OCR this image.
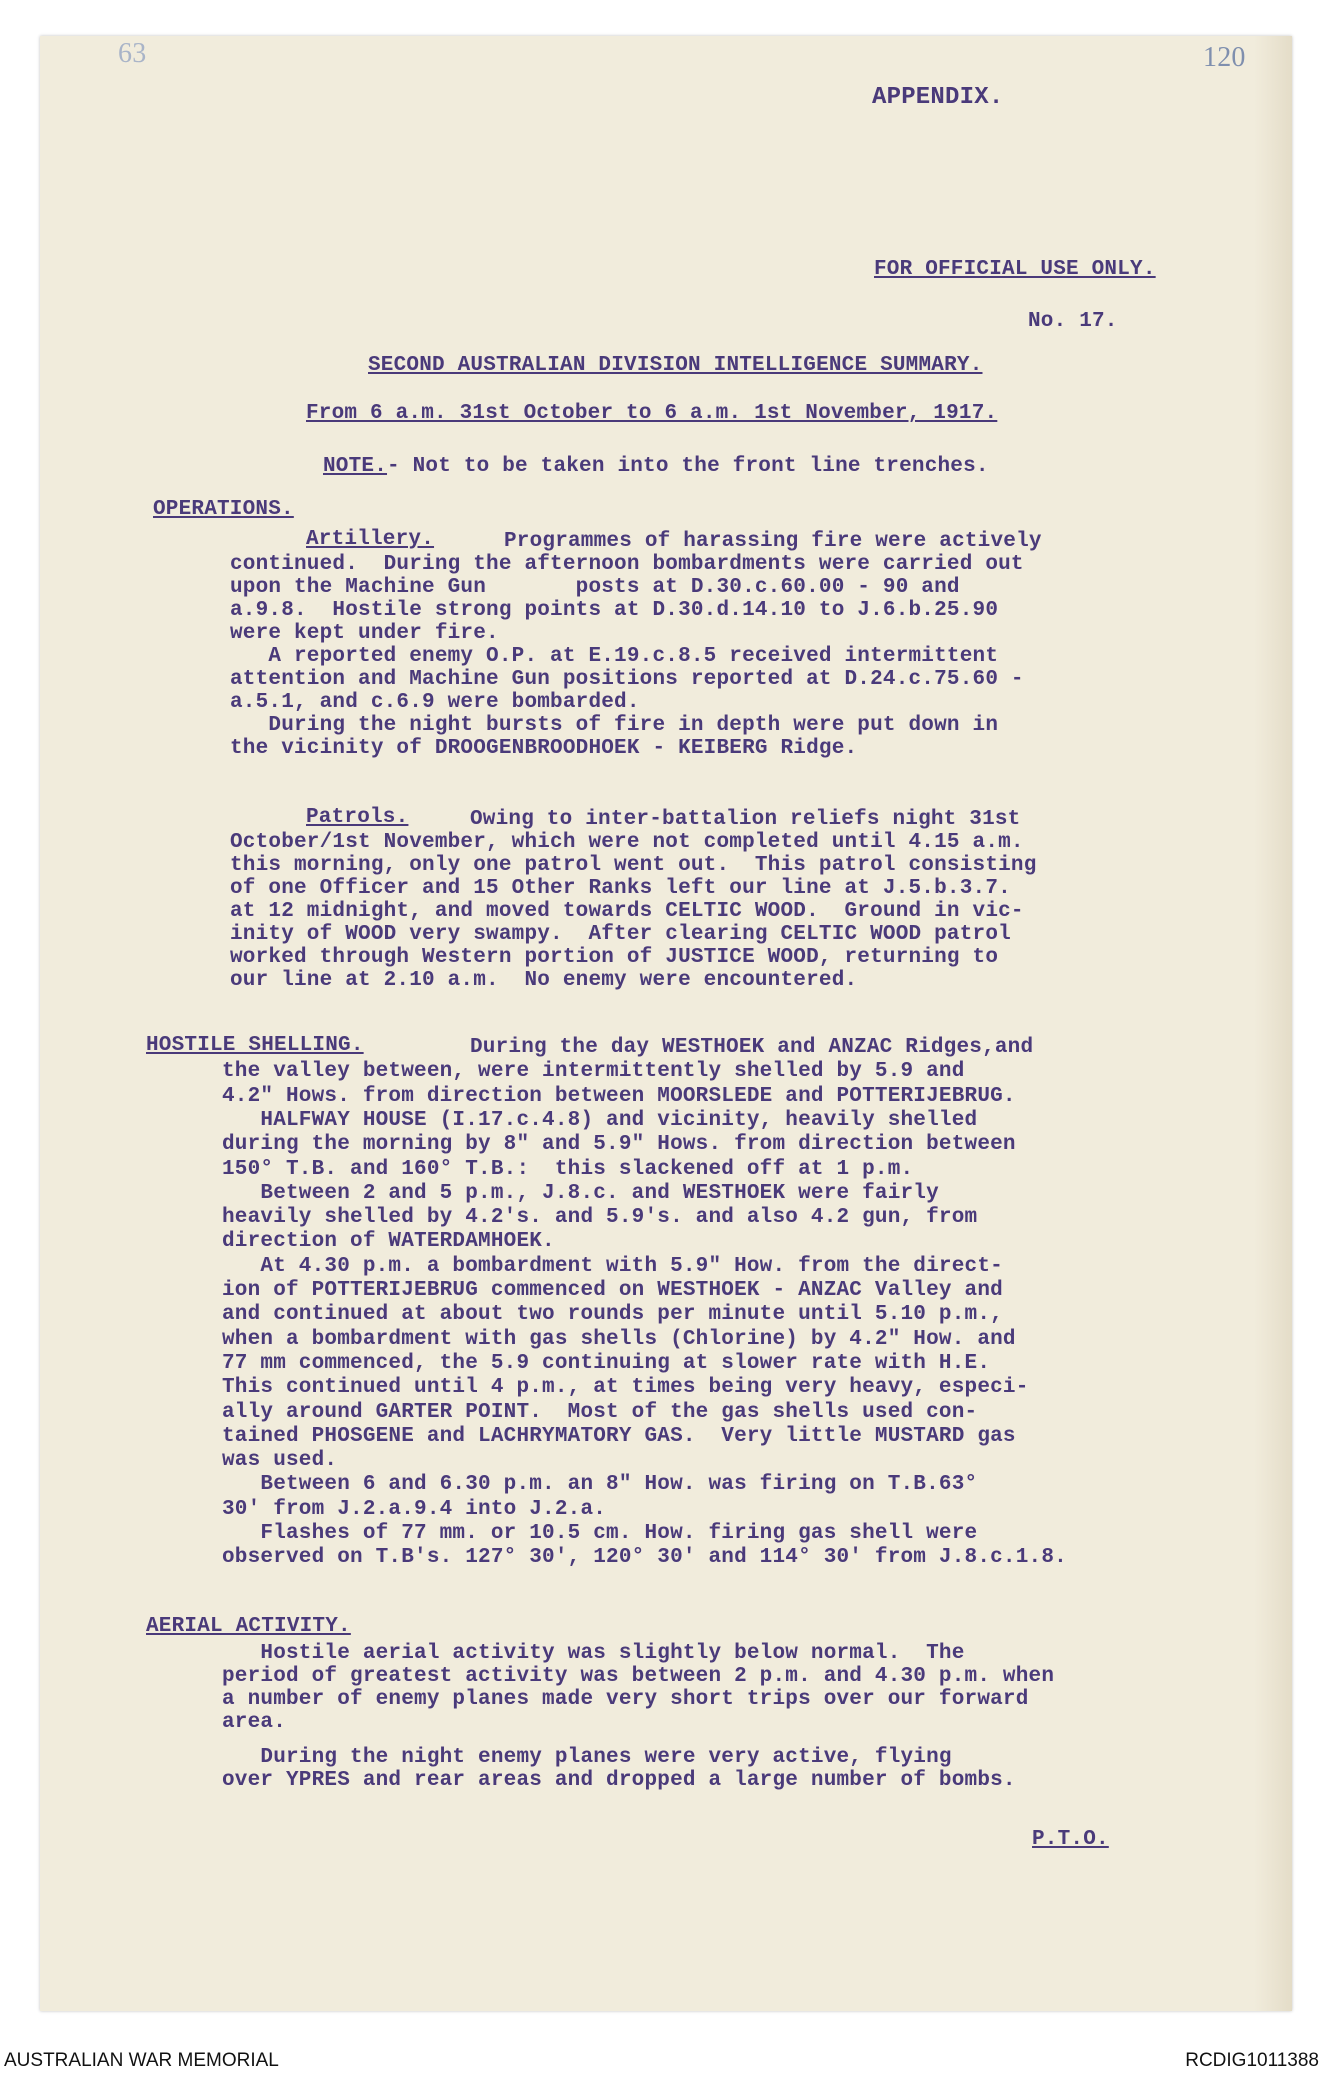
63	120
APPENDIX.
FOR OFFICIAL USE ONLY.
No. 17.
SECOND AUSTRALIAN DIVISION INTELLIGENCE SUMMARY.
From 6 a.m. 31st October to 6 a.m. 1st November, 1917.
NOTE.- Not to be taken into the front line trenches.
OPERATIONS.
Artillery.	Programmes of harassing fire were actively
continued.  During the afternoon bombardments were carried out
upon the Machine Gun       posts at D.30.c.60.00 - 90 and
a.9.8.  Hostile strong points at D.30.d.14.10 to J.6.b.25.90
were kept under fire.
A reported enemy O.P. at E.19.c.8.5 received intermittent
attention and Machine Gun positions reported at D.24.c.75.60 -
a.5.1, and c.6.9 were bombarded.
During the night bursts of fire in depth were put down in
the vicinity of DROOGENBROODHOEK - KEIBERG Ridge.
Patrols.	Owing to inter-battalion reliefs night 31st
October/1st November, which were not completed until 4.15 a.m.
this morning, only one patrol went out.  This patrol consisting
of one Officer and 15 Other Ranks left our line at J.5.b.3.7.
at 12 midnight, and moved towards CELTIC WOOD.  Ground in vic-
inity of WOOD very swampy.  After clearing CELTIC WOOD patrol
worked through Western portion of JUSTICE WOOD, returning to
our line at 2.10 a.m.  No enemy were encountered.
HOSTILE SHELLING.	During the day WESTHOEK and ANZAC Ridges,and
the valley between, were intermittently shelled by 5.9 and
4.2" Hows. from direction between MOORSLEDE and POTTERIJEBRUG.
HALFWAY HOUSE (I.17.c.4.8) and vicinity, heavily shelled
during the morning by 8" and 5.9" Hows. from direction between
150° T.B. and 160° T.B.:  this slackened off at 1 p.m.
Between 2 and 5 p.m., J.8.c. and WESTHOEK were fairly
heavily shelled by 4.2's. and 5.9's. and also 4.2 gun, from
direction of WATERDAMHOEK.
At 4.30 p.m. a bombardment with 5.9" How. from the direct-
ion of POTTERIJEBRUG commenced on WESTHOEK - ANZAC Valley and
and continued at about two rounds per minute until 5.10 p.m.,
when a bombardment with gas shells (Chlorine) by 4.2" How. and
77 mm commenced, the 5.9 continuing at slower rate with H.E.
This continued until 4 p.m., at times being very heavy, especi-
ally around GARTER POINT.  Most of the gas shells used con-
tained PHOSGENE and LACHRYMATORY GAS.  Very little MUSTARD gas
was used.
Between 6 and 6.30 p.m. an 8" How. was firing on T.B.63°
30' from J.2.a.9.4 into J.2.a.
Flashes of 77 mm. or 10.5 cm. How. firing gas shell were
observed on T.B's. 127° 30', 120° 30' and 114° 30' from J.8.c.1.8.
AERIAL ACTIVITY.
Hostile aerial activity was slightly below normal.  The
period of greatest activity was between 2 p.m. and 4.30 p.m. when
a number of enemy planes made very short trips over our forward
area.
During the night enemy planes were very active, flying
over YPRES and rear areas and dropped a large number of bombs.
P.T.O.
AUSTRALIAN WAR MEMORIAL	RCDIG1011388
